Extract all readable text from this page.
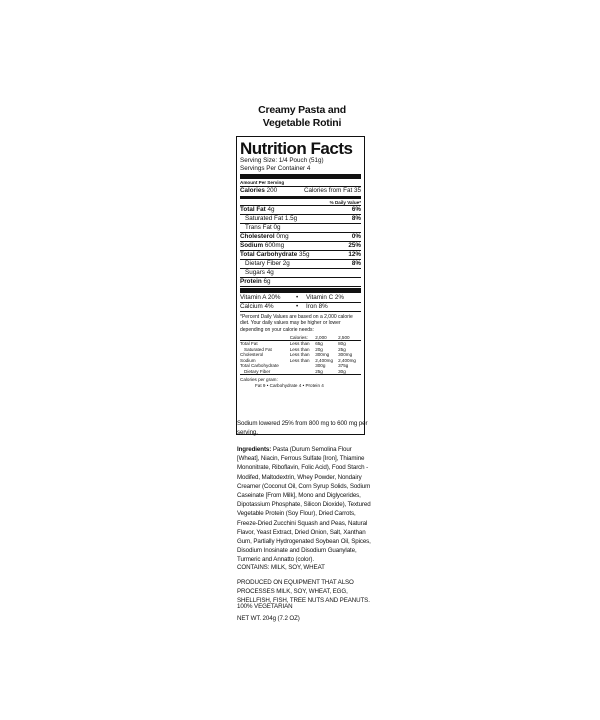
Creamy Pasta and
Vegetable Rotini
Nutrition Facts
Serving Size: 1/4 Pouch (51g)
Servings Per Container 4
Amount Per Serving
Calories 200	Calories from Fat 35
% Daily Value*
Total Fat 4g	6%
Saturated Fat 1.5g	8%
Trans Fat 0g
Cholesterol 0mg	0%
Sodium 600mg	25%
Total Carbohydrate 35g	12%
Dietary Fiber 2g	8%
Sugars 4g
Protein 6g
Vitamin A 20%	•	Vitamin C 2%
Calcium 4%	•	Iron 8%
*Percent Daily Values are based on a 2,000 calorie diet. Your daily values may be higher or lower depending on your calorie needs:
	Calories:	2,000	2,500
Total Fat	Less than	65g	80g
Saturated Fat	Less than	20g	25g
Cholesterol	Less than	300mg	300mg
Sodium	Less than	2,400mg	2,400mg
Total Carbohydrate		300g	375g
Dietary Fiber		25g	30g
Calories per gram:
Fat 9 • Carbohydrate 4 • Protein 4
Sodium lowered 25% from 800 mg to 600 mg per serving.
Ingredients: Pasta (Durum Semolina Flour [Wheat], Niacin, Ferrous Sulfate [Iron], Thiamine Mononitrate, Riboflavin, Folic Acid), Food Starch - Modifed, Maltodextrin, Whey Powder, Nondairy Creamer (Coconut Oil, Corn Syrup Solids, Sodium Caseinate [From Milk], Mono and Diglycerides, Dipotassium Phosphate, Silicon Dioxide), Textured Vegetable Protein (Soy Flour), Dried Carrots, Freeze-Dried Zucchini Squash and Peas, Natural Flavor, Yeast Extract, Dried Onion, Salt, Xanthan Gum, Partially Hydrogenated Soybean Oil, Spices, Disodium Inosinate and Disodium Guanylate, Turmeric and Annatto (color).
CONTAINS: MILK, SOY, WHEAT
PRODUCED ON EQUIPMENT THAT ALSO PROCESSES MILK, SOY, WHEAT, EGG, SHELLFISH, FISH, TREE NUTS AND PEANUTS.
100% VEGETARIAN
NET WT. 204g (7.2 OZ)
